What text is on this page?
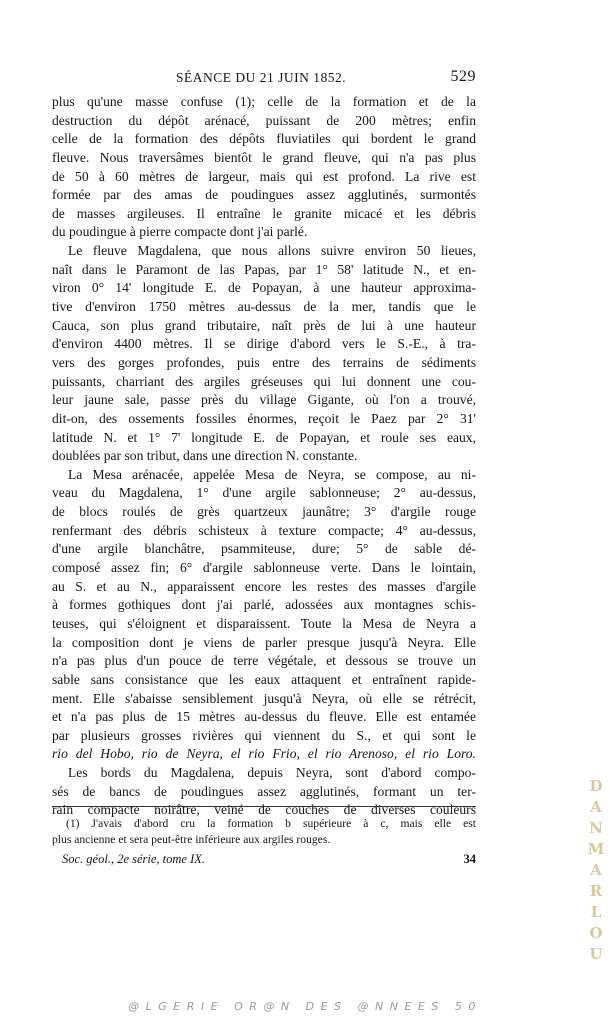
SÉANCE DU 21 JUIN 1852.	529
plus qu'une masse confuse (1); celle de la formation et de la
destruction du dépôt arénacé, puissant de 200 mètres; enfin
celle de la formation des dépôts fluviatiles qui bordent le grand
fleuve. Nous traversâmes bientôt le grand fleuve, qui n'a pas plus
de 50 à 60 mètres de largeur, mais qui est profond. La rive est
formée par des amas de poudingues assez agglutinés, surmontés
de masses argileuses. Il entraîne le granite micacé et les débris
du poudingue à pierre compacte dont j'ai parlé.
Le fleuve Magdalena, que nous allons suivre environ 50 lieues,
naît dans le Paramont de las Papas, par 1° 58' latitude N., et en-
viron 0° 14' longitude E. de Popayan, à une hauteur approxima-
tive d'environ 1750 mètres au-dessus de la mer, tandis que le
Cauca, son plus grand tributaire, naît près de lui à une hauteur
d'environ 4400 mètres. Il se dirige d'abord vers le S.-E., à tra-
vers des gorges profondes, puis entre des terrains de sédiments
puissants, charriant des argiles gréseuses qui lui donnent une cou-
leur jaune sale, passe près du village Gigante, où l'on a trouvé,
dit-on, des ossements fossiles énormes, reçoit le Paez par 2° 31'
latitude N. et 1° 7' longitude E. de Popayan, et roule ses eaux,
doublées par son tribut, dans une direction N. constante.
La Mesa arénacée, appelée Mesa de Neyra, se compose, au ni-
veau du Magdalena, 1° d'une argile sablonneuse; 2° au-dessus,
de blocs roulés de grès quartzeux jaunâtre; 3° d'argile rouge
renfermant des débris schisteux à texture compacte; 4° au-dessus,
d'une argile blanchâtre, psammiteuse, dure; 5° de sable dé-
composé assez fin; 6° d'argile sablonneuse verte. Dans le lointain,
au S. et au N., apparaissent encore les restes des masses d'argile
à formes gothiques dont j'ai parlé, adossées aux montagnes schis-
teuses, qui s'éloignent et disparaissent. Toute la Mesa de Neyra a
la composition dont je viens de parler presque jusqu'à Neyra. Elle
n'a pas plus d'un pouce de terre végétale, et dessous se trouve un
sable sans consistance que les eaux attaquent et entraînent rapide-
ment. Elle s'abaisse sensiblement jusqu'à Neyra, où elle se rétrécit,
et n'a pas plus de 15 mètres au-dessus du fleuve. Elle est entamée
par plusieurs grosses rivières qui viennent du S., et qui sont le
rio del Hobo, rio de Neyra, el rio Frio, el rio Arenoso, el rio Loro.
Les bords du Magdalena, depuis Neyra, sont d'abord compo-
sés de bancs de poudingues assez agglutinés, formant un ter-
rain compacte noirâtre, veiné de couches de diverses couleurs
(1) J'avais d'abord cru la formation b supérieure à c, mais elle est
plus ancienne et sera peut-être inférieure aux argiles rouges.
Soc. géol., 2e série, tome IX.	34
DANMARLOU
@LGERIE OR@N DES @NNEES 50
